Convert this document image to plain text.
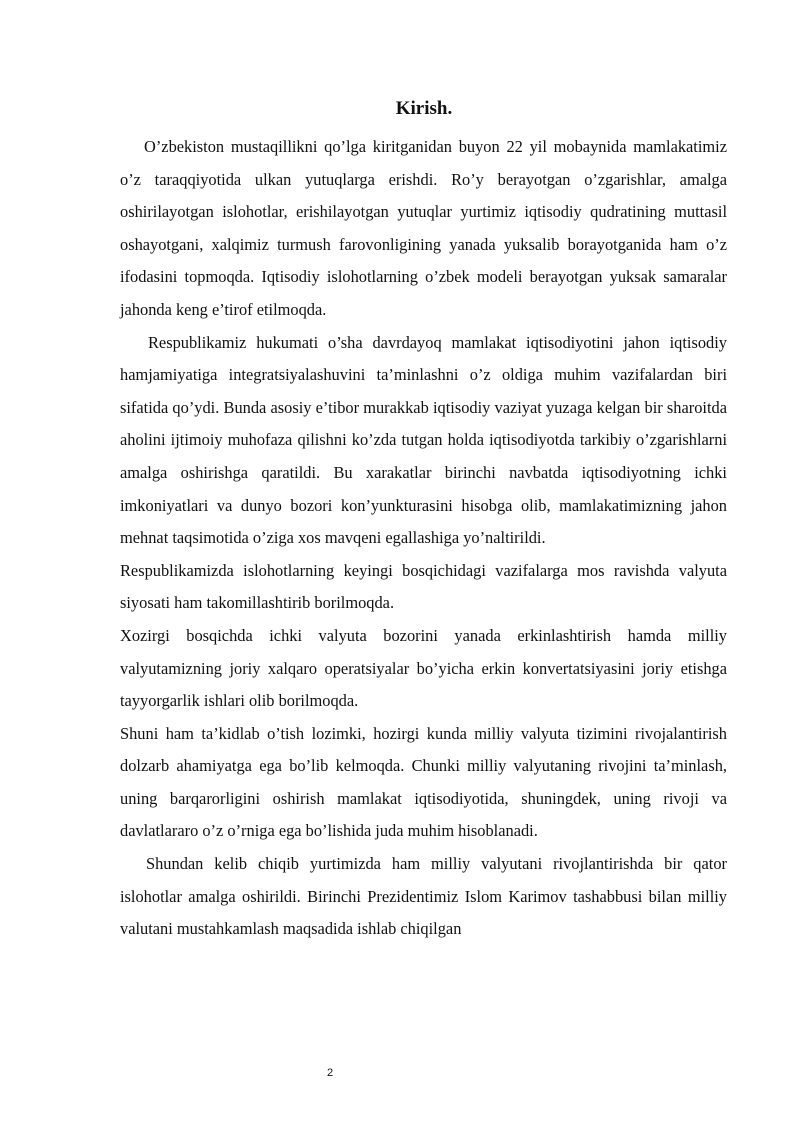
Kirish.

O’zbekiston mustaqillikni qo’lga kiritganidan buyon 22 yil mobaynida mamlakatimiz o’z taraqqiyotida ulkan yutuqlarga erishdi. Ro’y berayotgan o’zgarishlar, amalga oshirilayotgan islohotlar, erishilayotgan yutuqlar yurtimiz iqtisodiy qudratining muttasil oshayotgani, xalqimiz turmush farovonligining yanada yuksalib borayotganida ham o’z ifodasini topmoqda. Iqtisodiy islohotlarning o’zbek modeli berayotgan yuksak samaralar jahonda keng e’tirof etilmoqda.

Respublikamiz hukumati o’sha davrdayoq mamlakat iqtisodiyotini jahon iqtisodiy hamjamiyatiga integratsiyalashuvini ta’minlashni o’z oldiga muhim vazifalardan biri sifatida qo’ydi. Bunda asosiy e’tibor murakkab iqtisodiy vaziyat yuzaga kelgan bir sharoitda aholini ijtimoiy muhofaza qilishni ko’zda tutgan holda iqtisodiyotda tarkibiy o’zgarishlarni amalga oshirishga qaratildi. Bu xarakatlar birinchi navbatda iqtisodiyotning ichki imkoniyatlari va dunyo bozori kon’yunkturasini hisobga olib, mamlakatimizning jahon mehnat taqsimotida o’ziga xos mavqeni egallashiga yo’naltirildi.

Respublikamizda islohotlarning keyingi bosqichidagi vazifalarga mos ravishda valyuta siyosati ham takomillashtirib borilmoqda.

Xozirgi bosqichda ichki valyuta bozorini yanada erkinlashtirish hamda milliy valyutamizning joriy xalqaro operatsiyalar bo’yicha erkin konvertatsiyasini joriy etishga tayyorgarlik ishlari olib borilmoqda.

Shuni ham ta’kidlab o’tish lozimki, hozirgi kunda milliy valyuta tizimini rivojalantirish dolzarb ahamiyatga ega bo’lib kelmoqda. Chunki milliy valyutaning rivojini ta’minlash, uning barqarorligini oshirish mamlakat iqtisodiyotida, shuningdek, uning rivoji va davlatlararo o’z o’rniga ega bo’lishida juda muhim hisoblanadi.

Shundan kelib chiqib yurtimizda ham milliy valyutani rivojlantirishda bir qator islohotlar amalga oshirildi. Birinchi Prezidentimiz Islom Karimov tashabbusi bilan milliy valutani mustahkamlash maqsadida ishlab chiqilgan

2
